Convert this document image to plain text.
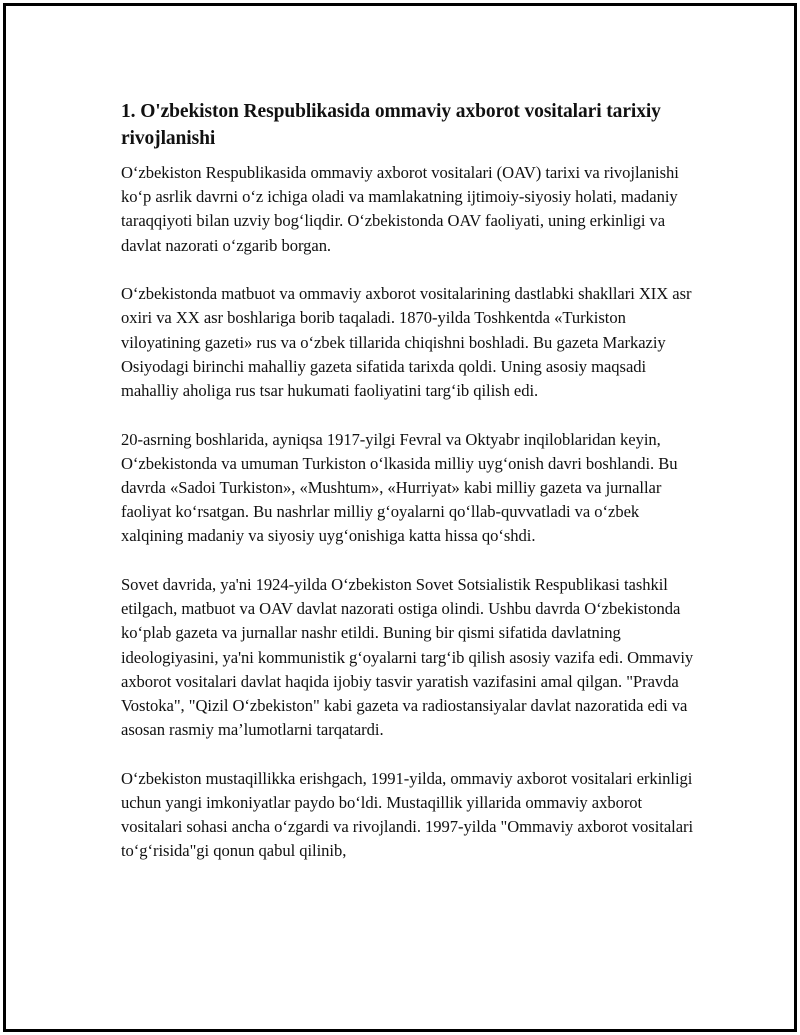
1. O'zbekiston Respublikasida ommaviy axborot vositalari tarixiy rivojlanishi

O‘zbekiston Respublikasida ommaviy axborot vositalari (OAV) tarixi va rivojlanishi ko‘p asrlik davrni o‘z ichiga oladi va mamlakatning ijtimoiy-siyosiy holati, madaniy taraqqiyoti bilan uzviy bog‘liqdir. O‘zbekistonda OAV faoliyati, uning erkinligi va davlat nazorati o‘zgarib borgan.

O‘zbekistonda matbuot va ommaviy axborot vositalarining dastlabki shakllari XIX asr oxiri va XX asr boshlariga borib taqaladi. 1870-yilda Toshkentda «Turkiston viloyatining gazeti» rus va o‘zbek tillarida chiqishni boshladi. Bu gazeta Markaziy Osiyodagi birinchi mahalliy gazeta sifatida tarixda qoldi. Uning asosiy maqsadi mahalliy aholiga rus tsar hukumati faoliyatini targ‘ib qilish edi.

20-asrning boshlarida, ayniqsa 1917-yilgi Fevral va Oktyabr inqiloblaridan keyin, O‘zbekistonda va umuman Turkiston o‘lkasida milliy uyg‘onish davri boshlandi. Bu davrda «Sadoi Turkiston», «Mushtum», «Hurriyat» kabi milliy gazeta va jurnallar faoliyat ko‘rsatgan. Bu nashrlar milliy g‘oyalarni qo‘llab-quvvatladi va o‘zbek xalqining madaniy va siyosiy uyg‘onishiga katta hissa qo‘shdi.

Sovet davrida, ya'ni 1924-yilda O‘zbekiston Sovet Sotsialistik Respublikasi tashkil etilgach, matbuot va OAV davlat nazorati ostiga olindi. Ushbu davrda O‘zbekistonda ko‘plab gazeta va jurnallar nashr etildi. Buning bir qismi sifatida davlatning ideologiyasini, ya'ni kommunistik g‘oyalarni targ‘ib qilish asosiy vazifa edi. Ommaviy axborot vositalari davlat haqida ijobiy tasvir yaratish vazifasini amal qilgan. "Pravda Vostoka", "Qizil O‘zbekiston" kabi gazeta va radiostansiyalar davlat nazoratida edi va asosan rasmiy ma’lumotlarni tarqatardi.

O‘zbekiston mustaqillikka erishgach, 1991-yilda, ommaviy axborot vositalari erkinligi uchun yangi imkoniyatlar paydo bo‘ldi. Mustaqillik yillarida ommaviy axborot vositalari sohasi ancha o‘zgardi va rivojlandi. 1997-yilda "Ommaviy axborot vositalari to‘g‘risida"gi qonun qabul qilinib,
